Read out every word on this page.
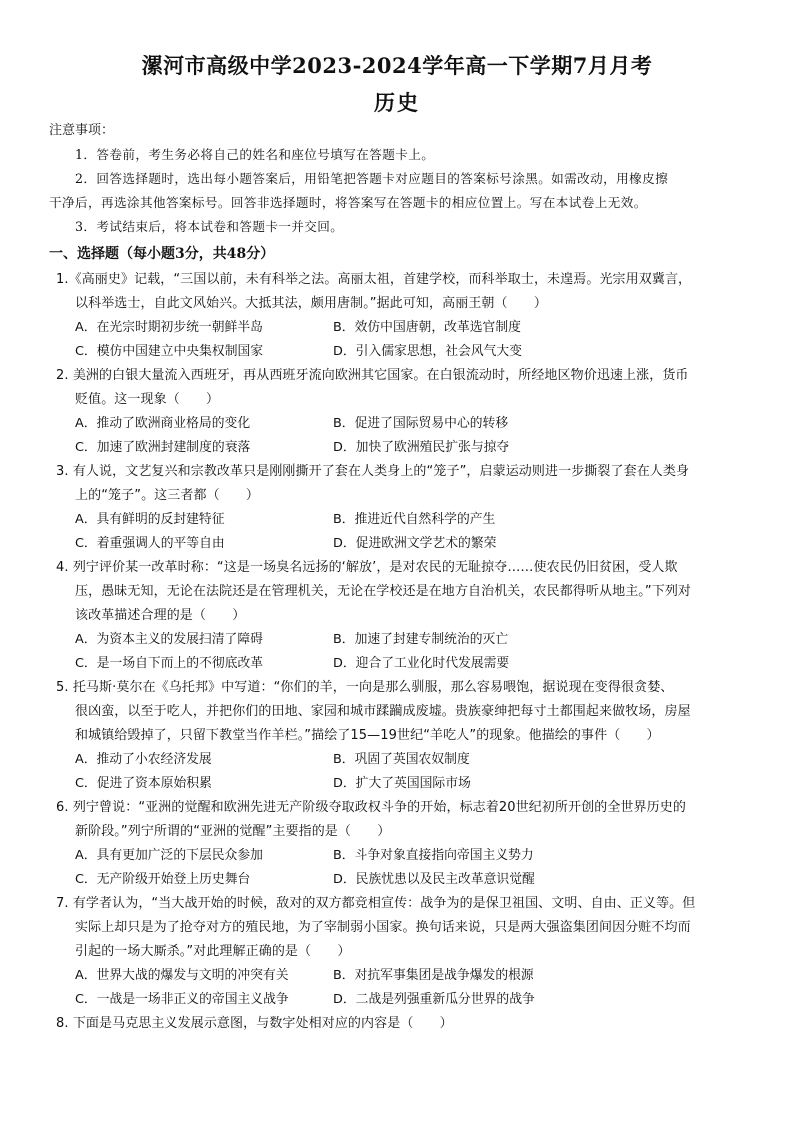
漯河市高级中学2023-2024学年高一下学期7月月考
历史
注意事项：
1．答卷前，考生务必将自己的姓名和座位号填写在答题卡上。
2．回答选择题时，选出每小题答案后，用铅笔把答题卡对应题目的答案标号涂黑。如需改动，用橡皮擦
干净后，再选涂其他答案标号。回答非选择题时，将答案写在答题卡的相应位置上。写在本试卷上无效。
3．考试结束后，将本试卷和答题卡一并交回。
一、选择题（每小题3分，共48分）
1.《高丽史》记载，“三国以前，未有科举之法。高丽太祖，首建学校，而科举取士，未遑焉。光宗用双冀言，
以科举选士，自此文风始兴。大抵其法，颇用唐制。”据此可知，高丽王朝（　　）
A．在光宗时期初步统一朝鲜半岛	B．效仿中国唐朝，改革选官制度
C．模仿中国建立中央集权制国家	D．引入儒家思想，社会风气大变
2. 美洲的白银大量流入西班牙，再从西班牙流向欧洲其它国家。在白银流动时，所经地区物价迅速上涨，货币
贬值。这一现象（　　）
A．推动了欧洲商业格局的变化	B．促进了国际贸易中心的转移
C．加速了欧洲封建制度的衰落	D．加快了欧洲殖民扩张与掠夺
3. 有人说，文艺复兴和宗教改革只是刚刚撕开了套在人类身上的“笼子”，启蒙运动则进一步撕裂了套在人类身
上的“笼子”。这三者都（　　）
A．具有鲜明的反封建特征	B．推进近代自然科学的产生
C．着重强调人的平等自由	D．促进欧洲文学艺术的繁荣
4. 列宁评价某一改革时称：“这是一场臭名远扬的‘解放’，是对农民的无耻掠夺……使农民仍旧贫困，受人欺
压，愚昧无知，无论在法院还是在管理机关，无论在学校还是在地方自治机关，农民都得听从地主。”下列对
该改革描述合理的是（　　）
A．为资本主义的发展扫清了障碍	B．加速了封建专制统治的灭亡
C．是一场自下而上的不彻底改革	D．迎合了工业化时代发展需要
5. 托马斯·莫尔在《乌托邦》中写道：“你们的羊，一向是那么驯服，那么容易喂饱，据说现在变得很贪婪、
很凶蛮，以至于吃人，并把你们的田地、家园和城市蹂躏成废墟。贵族豪绅把每寸土都围起来做牧场，房屋
和城镇给毁掉了，只留下教堂当作羊栏。”描绘了15—19世纪“羊吃人”的现象。他描绘的事件（　　）
A．推动了小农经济发展	B．巩固了英国农奴制度
C．促进了资本原始积累	D．扩大了英国国际市场
6. 列宁曾说：“亚洲的觉醒和欧洲先进无产阶级夺取政权斗争的开始，标志着20世纪初所开创的全世界历史的
新阶段。”列宁所谓的“亚洲的觉醒”主要指的是（　　）
A．具有更加广泛的下层民众参加	B．斗争对象直接指向帝国主义势力
C．无产阶级开始登上历史舞台	D．民族忧患以及民主改革意识觉醒
7. 有学者认为，“当大战开始的时候，敌对的双方都竞相宣传：战争为的是保卫祖国、文明、自由、正义等。但
实际上却只是为了抢夺对方的殖民地，为了宰制弱小国家。换句话来说，只是两大强盗集团间因分赃不均而
引起的一场大厮杀。”对此理解正确的是（　　）
A．世界大战的爆发与文明的冲突有关	B．对抗军事集团是战争爆发的根源
C．一战是一场非正义的帝国主义战争	D．二战是列强重新瓜分世界的战争
8. 下面是马克思主义发展示意图，与数字处相对应的内容是（　　）
